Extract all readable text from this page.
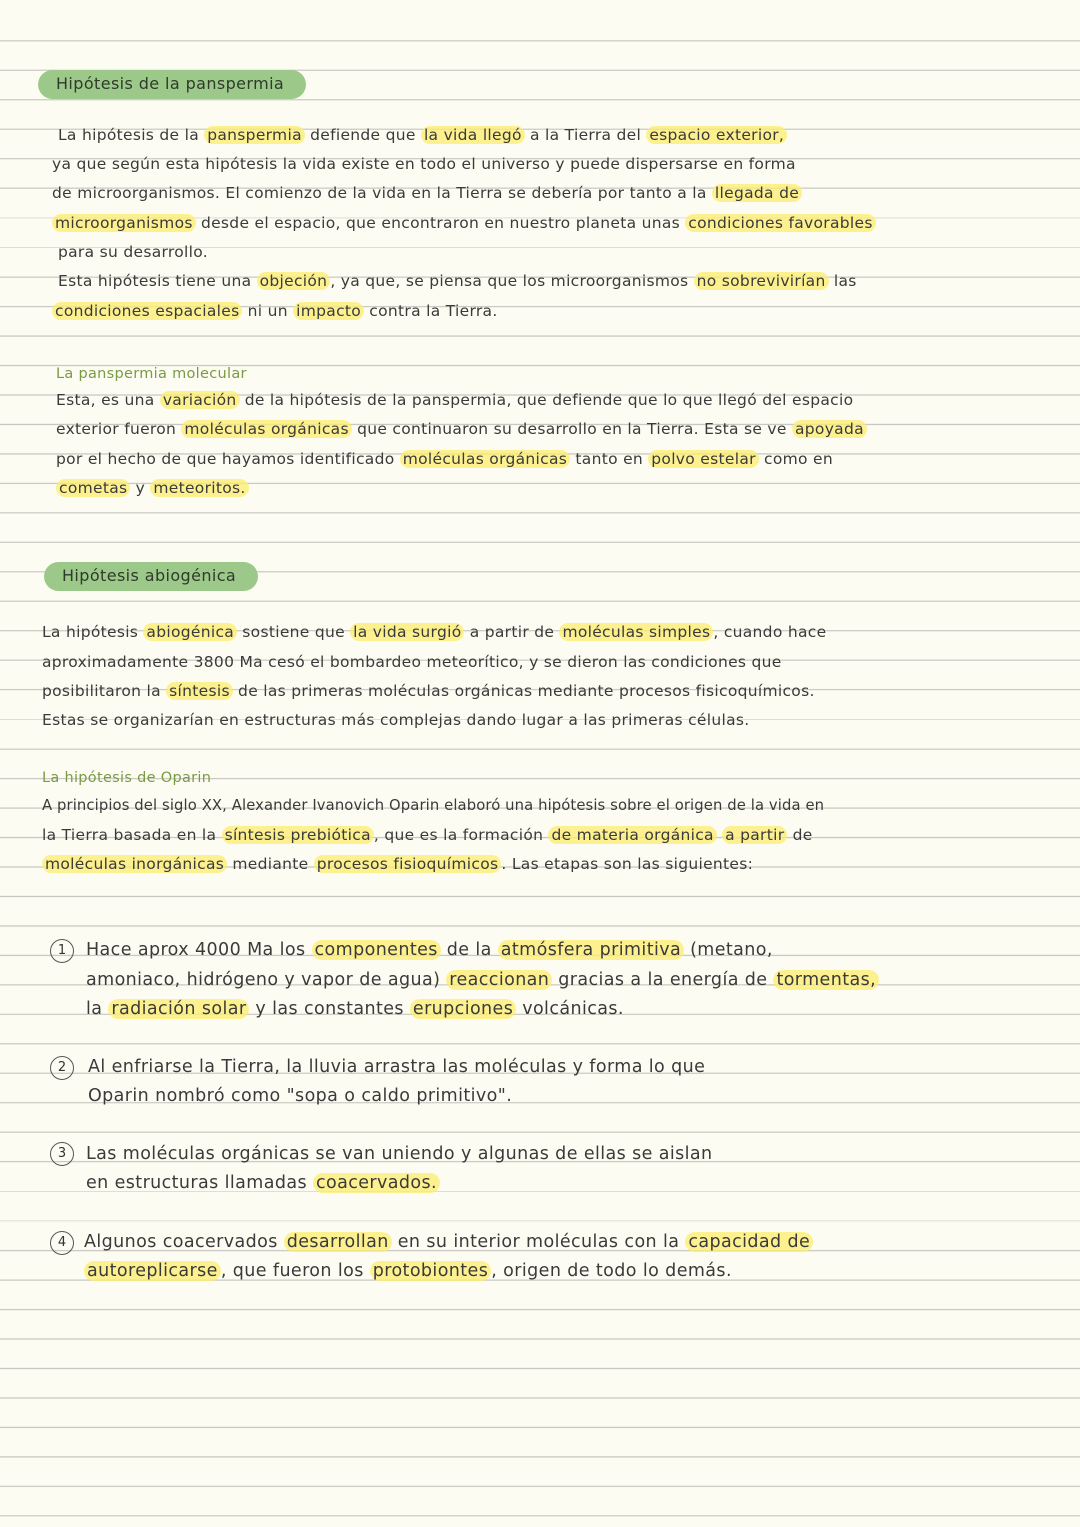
Hipótesis de la panspermia
La hipótesis de la panspermia defiende que la vida llegó a la Tierra del espacio exterior,
ya que según esta hipótesis la vida existe en todo el universo y puede dispersarse en forma
de microorganismos. El comienzo de la vida en la Tierra se debería por tanto a la llegada de
microorganismos desde el espacio, que encontraron en nuestro planeta unas condiciones favorables
para su desarrollo.
Esta hipótesis tiene una objeción , ya que, se piensa que los microorganismos no sobrevivirían las
condiciones espaciales ni un impacto contra la Tierra.
La panspermia molecular
Esta, es una variación de la hipótesis de la panspermia, que defiende que lo que llegó del espacio
exterior fueron moléculas orgánicas que continuaron su desarrollo en la Tierra. Esta se ve apoyada
por el hecho de que hayamos identificado moléculas orgánicas tanto en polvo estelar como en
cometas y meteoritos.
Hipótesis abiogénica
La hipótesis abiogénica sostiene que la vida surgió a partir de moléculas simples , cuando hace
aproximadamente 3800 Ma cesó el bombardeo meteorítico, y se dieron las condiciones que
posibilitaron la síntesis de las primeras moléculas orgánicas mediante procesos fisicoquímicos.
Estas se organizarían en estructuras más complejas dando lugar a las primeras células.
La hipótesis de Oparin
A principios del siglo XX, Alexander Ivanovich Oparin elaboró una hipótesis sobre el origen de la vida en
la Tierra basada en la síntesis prebiótica , que es la formación de materia orgánica a partir de
moléculas inorgánicas mediante procesos fisioquímicos . Las etapas son las siguientes:
1	Hace aprox 4000 Ma los componentes de la atmósfera primitiva (metano,
amoniaco, hidrógeno y vapor de agua) reaccionan gracias a la energía de tormentas,
la radiación solar y las constantes erupciones volcánicas.
2	Al enfriarse la Tierra, la lluvia arrastra las moléculas y forma lo que
Oparin nombró como "sopa o caldo primitivo".
3	Las moléculas orgánicas se van uniendo y algunas de ellas se aislan
en estructuras llamadas coacervados.
4	Algunos coacervados desarrollan en su interior moléculas con la capacidad de
autoreplicarse , que fueron los protobiontes , origen de todo lo demás.
